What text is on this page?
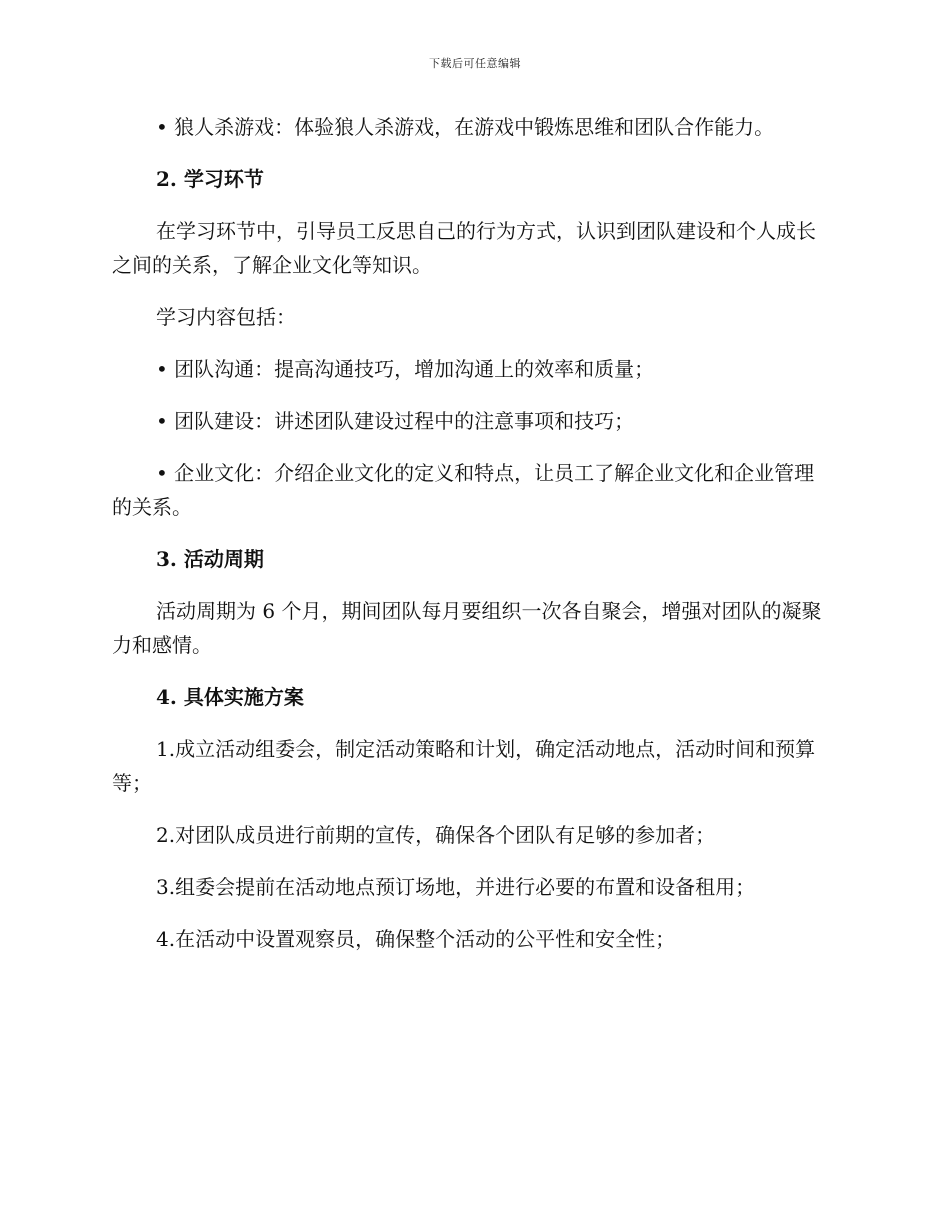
下载后可任意编辑

• 狼人杀游戏：体验狼人杀游戏，在游戏中锻炼思维和团队合作能力。

2. 学习环节

在学习环节中，引导员工反思自己的行为方式，认识到团队建设和个人成长之间的关系，了解企业文化等知识。

学习内容包括：

• 团队沟通：提高沟通技巧，增加沟通上的效率和质量；

• 团队建设：讲述团队建设过程中的注意事项和技巧；

• 企业文化：介绍企业文化的定义和特点，让员工了解企业文化和企业管理的关系。

3. 活动周期

活动周期为 6 个月，期间团队每月要组织一次各自聚会，增强对团队的凝聚力和感情。

4. 具体实施方案

1.成立活动组委会，制定活动策略和计划，确定活动地点，活动时间和预算等；

2.对团队成员进行前期的宣传，确保各个团队有足够的参加者；

3.组委会提前在活动地点预订场地，并进行必要的布置和设备租用；

4.在活动中设置观察员，确保整个活动的公平性和安全性；
